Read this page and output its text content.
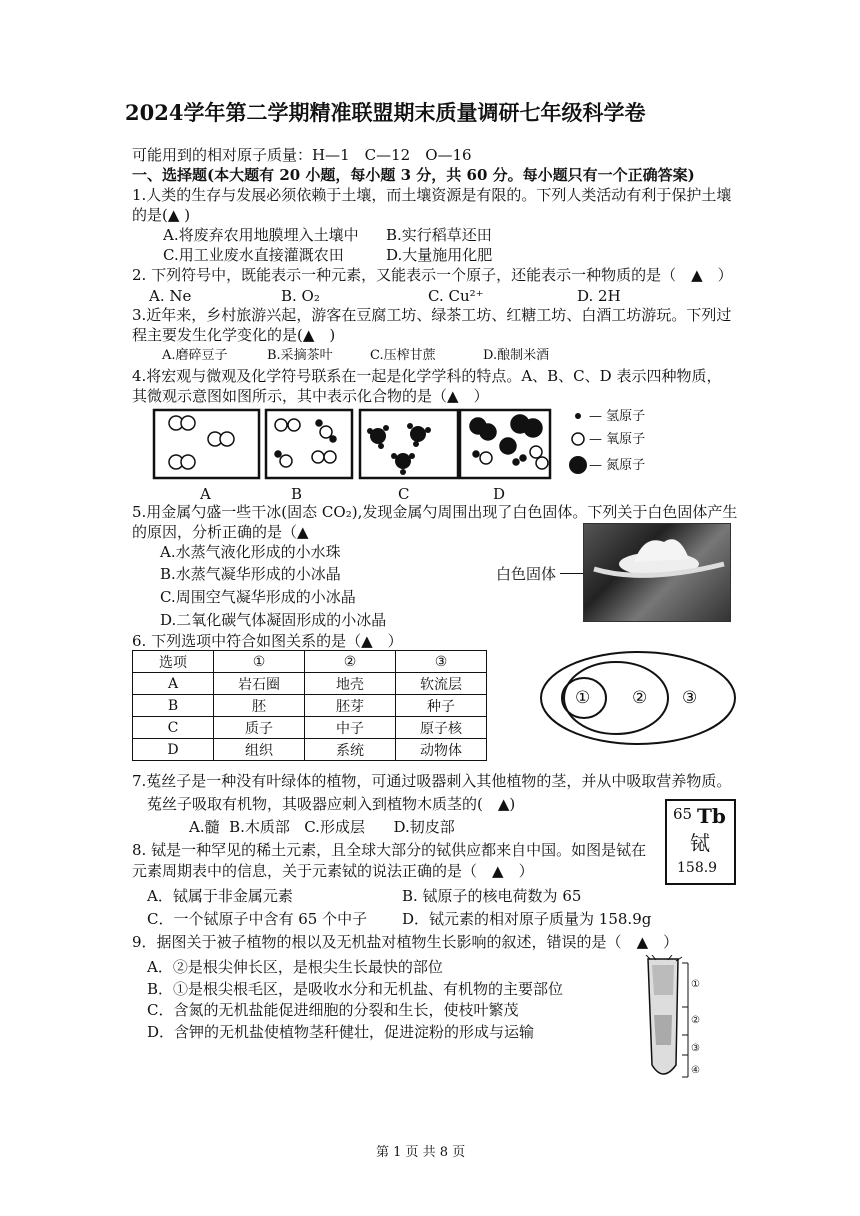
2024学年第二学期精准联盟期末质量调研七年级科学卷
可能用到的相对原子质量：H—1　C—12　O—16
一、选择题(本大题有 20 小题，每小题 3 分，共 60 分。每小题只有一个正确答案)
1.人类的生存与发展必须依赖于土壤，而土壤资源是有限的。下列人类活动有利于保护土壤
的是(▲ )
A.将废弃农用地膜埋入土壤中 B.实行稻草还田
C.用工业废水直接灌溉农田	D.大量施用化肥
2. 下列符号中，既能表示一种元素，又能表示一个原子，还能表示一种物质的是（　 ▲　 ）
A. Ne	B. O₂	C. Cu²⁺	D. 2H
3.近年来，乡村旅游兴起，游客在豆腐工坊、绿茶工坊、红糖工坊、白酒工坊游玩。下列过
程主要发生化学变化的是(▲　 )
A.磨碎豆子	B.采摘茶叶	C.压榨甘蔗	D.酿制米酒
4.将宏观与微观及化学符号联系在一起是化学学科的特点。A、B、C、D 表示四种物质，
其微观示意图如图所示，其中表示化合物的是（▲　 ）
— 氢原子
— 氧原子
— 氮原子
A	B	C	D
5.用金属勺盛一些干冰(固态 CO₂),发现金属勺周围出现了白色固体。下列关于白色固体产生
的原因，分析正确的是（▲
A.水蒸气液化形成的小水珠
B.水蒸气凝华形成的小冰晶
C.周围空气凝华形成的小冰晶
D.二氧化碳气体凝固形成的小冰晶
白色固体
6. 下列选项中符合如图关系的是（▲　 ）
选项	①	②	③
A	岩石圈	地壳	软流层
B	胚	胚芽	种子
C	质子	中子	原子核
D	组织	系统	动物体
① ② ③
7.菟丝子是一种没有叶绿体的植物，可通过吸器刺入其他植物的茎，并从中吸取营养物质。
菟丝子吸取有机物，其吸器应刺入到植物木质茎的(　 ▲)
A.髓  B.木质部   C.形成层      D.韧皮部
65 Tb
铽
158.9
8. 铽是一种罕见的稀土元素，且全球大部分的铽供应都来自中国。如图是铽在
元素周期表中的信息，关于元素铽的说法正确的是（　 ▲　 ）
A．铽属于非金属元素	B. 铽原子的核电荷数为 65
C．一个铽原子中含有 65 个中子 D．铽元素的相对原子质量为 158.9g
9．据图关于被子植物的根以及无机盐对植物生长影响的叙述，错误的是（　 ▲　 ）
A．②是根尖伸长区，是根尖生长最快的部位
B．①是根尖根毛区，是吸收水分和无机盐、有机物的主要部位
C．含氮的无机盐能促进细胞的分裂和生长，使枝叶繁茂
D．含钾的无机盐使植物茎秆健壮，促进淀粉的形成与运输
①
②
③
④
第 1 页 共 8 页
